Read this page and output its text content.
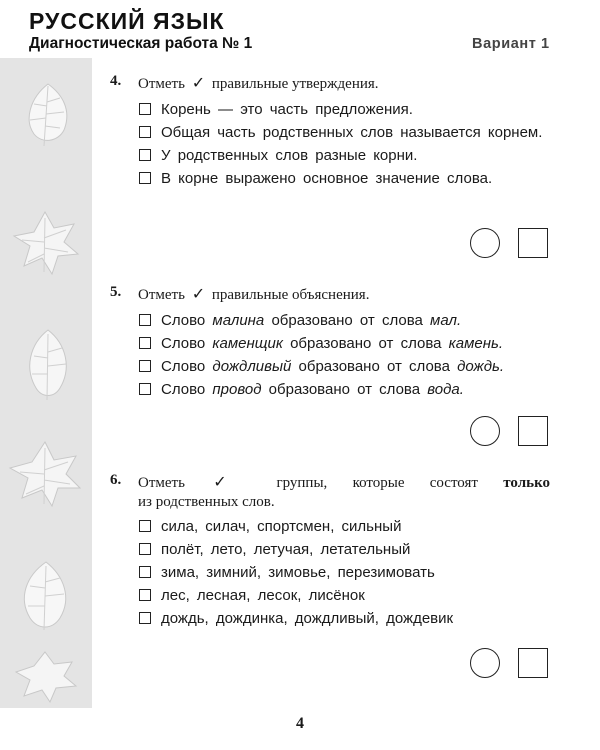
РУССКИЙ ЯЗЫК
Диагностическая работа № 1	Вариант 1
4. Отметь ✓ правильные утверждения.
Корень — это часть предложения.
Общая часть родственных слов называется корнем.
У родственных слов разные корни.
В корне выражено основное значение слова.
5. Отметь ✓ правильные объяснения.
Слово малина образовано от слова мал.
Слово каменщик образовано от слова камень.
Слово дождливый образовано от слова дождь.
Слово провод образовано от слова вода.
6. Отметь ✓ группы, которые состоят только
из родственных слов.
сила, силач, спортсмен, сильный
полёт, лето, летучая, летательный
зима, зимний, зимовье, перезимовать
лес, лесная, лесок, лисёнок
дождь, дождинка, дождливый, дождевик
4
